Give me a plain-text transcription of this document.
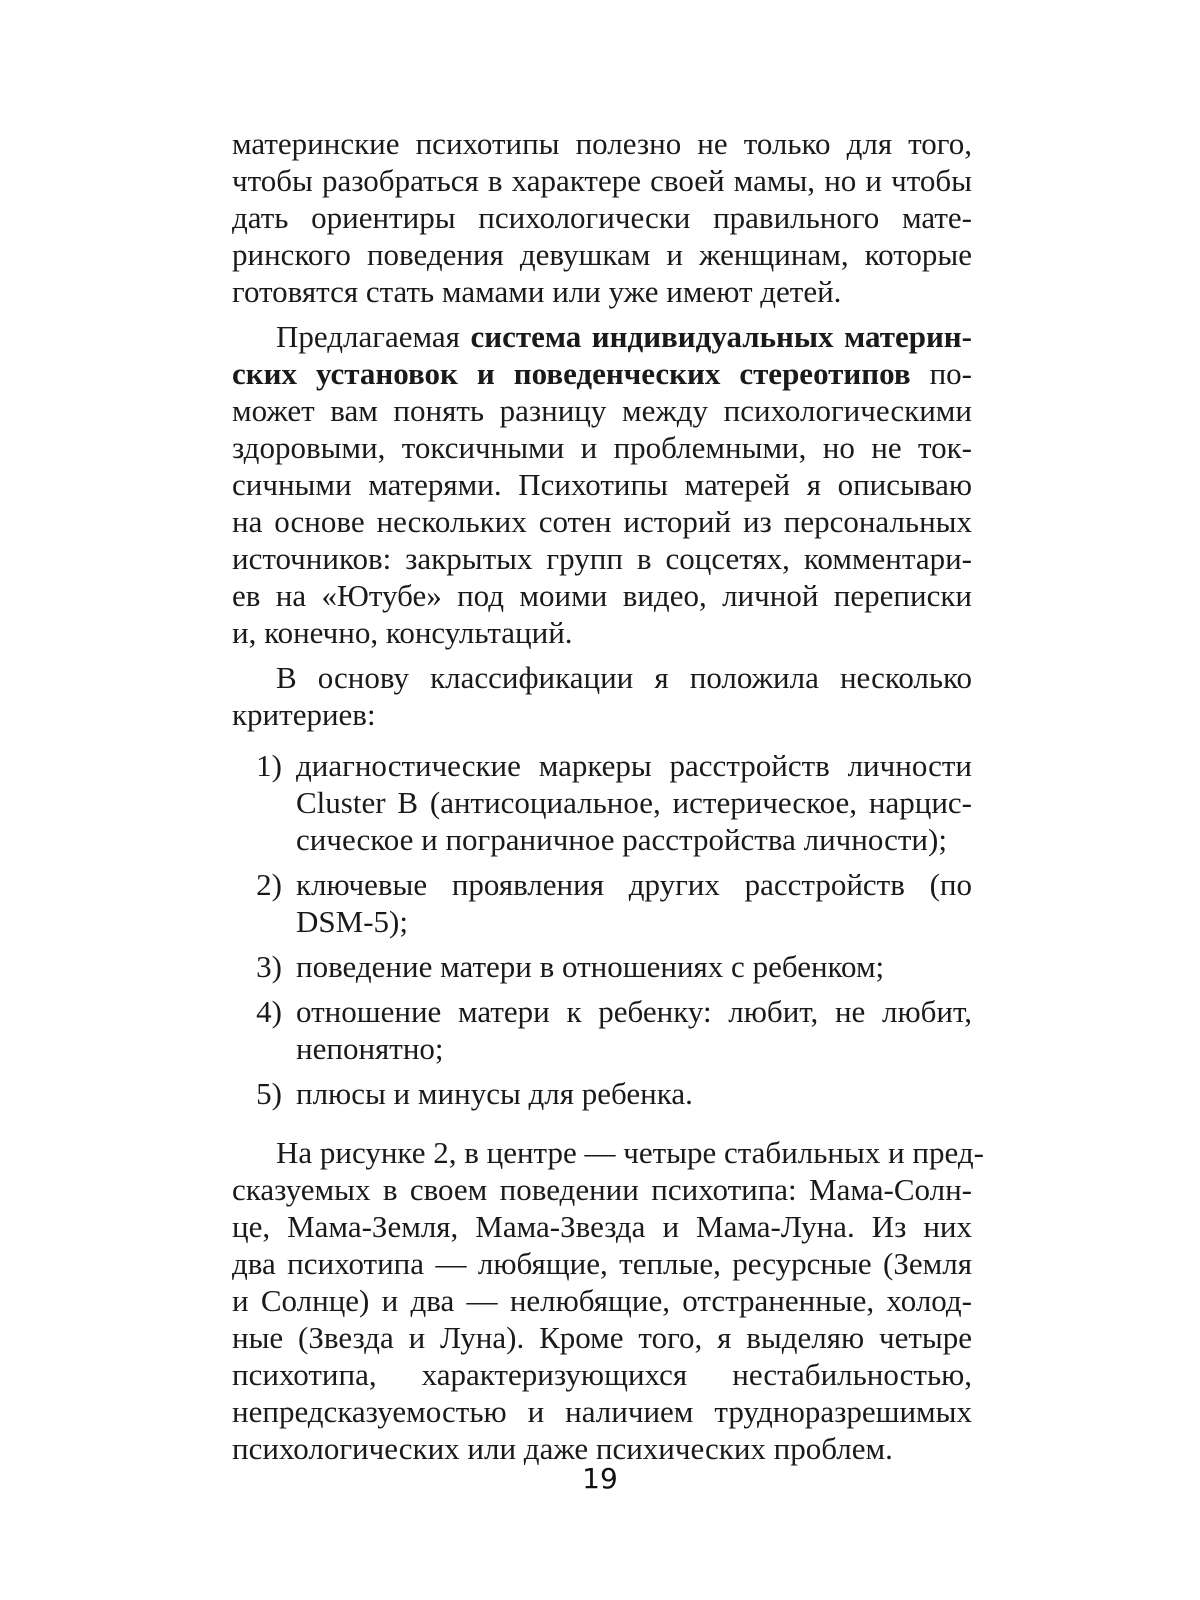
материнские психотипы полезно не только для того,
чтобы разобраться в характере своей мамы, но и чтобы
дать ориентиры психологически правильного мате-
ринского поведения девушкам и женщинам, которые
готовятся стать мамами или уже имеют детей.
Предлагаемая система индивидуальных материн-
ских установок и поведенческих стереотипов по-
может вам понять разницу между психологическими
здоровыми, токсичными и проблемными, но не ток-
сичными матерями. Психотипы матерей я описываю
на основе нескольких сотен историй из персональных
источников: закрытых групп в соцсетях, комментари-
ев на «Ютубе» под моими видео, личной переписки
и, конечно, консультаций.
В основу классификации я положила несколько
критериев:
1) диагностические маркеры расстройств личности
Cluster B (антисоциальное, истерическое, нарцис-
сическое и пограничное расстройства личности);
2) ключевые проявления других расстройств (по
DSM-5);
3) поведение матери в отношениях с ребенком;
4) отношение матери к ребенку: любит, не любит,
непонятно;
5) плюсы и минусы для ребенка.
На рисунке 2, в центре — четыре стабильных и пред-
сказуемых в своем поведении психотипа: Мама-Солн-
це, Мама-Земля, Мама-Звезда и Мама-Луна. Из них
два психотипа — любящие, теплые, ресурсные (Земля
и Солнце) и два — нелюбящие, отстраненные, холод-
ные (Звезда и Луна). Кроме того, я выделяю четыре
психотипа, характеризующихся нестабильностью,
непредсказуемостью и наличием трудноразрешимых
психологических или даже психических проблем.
19
